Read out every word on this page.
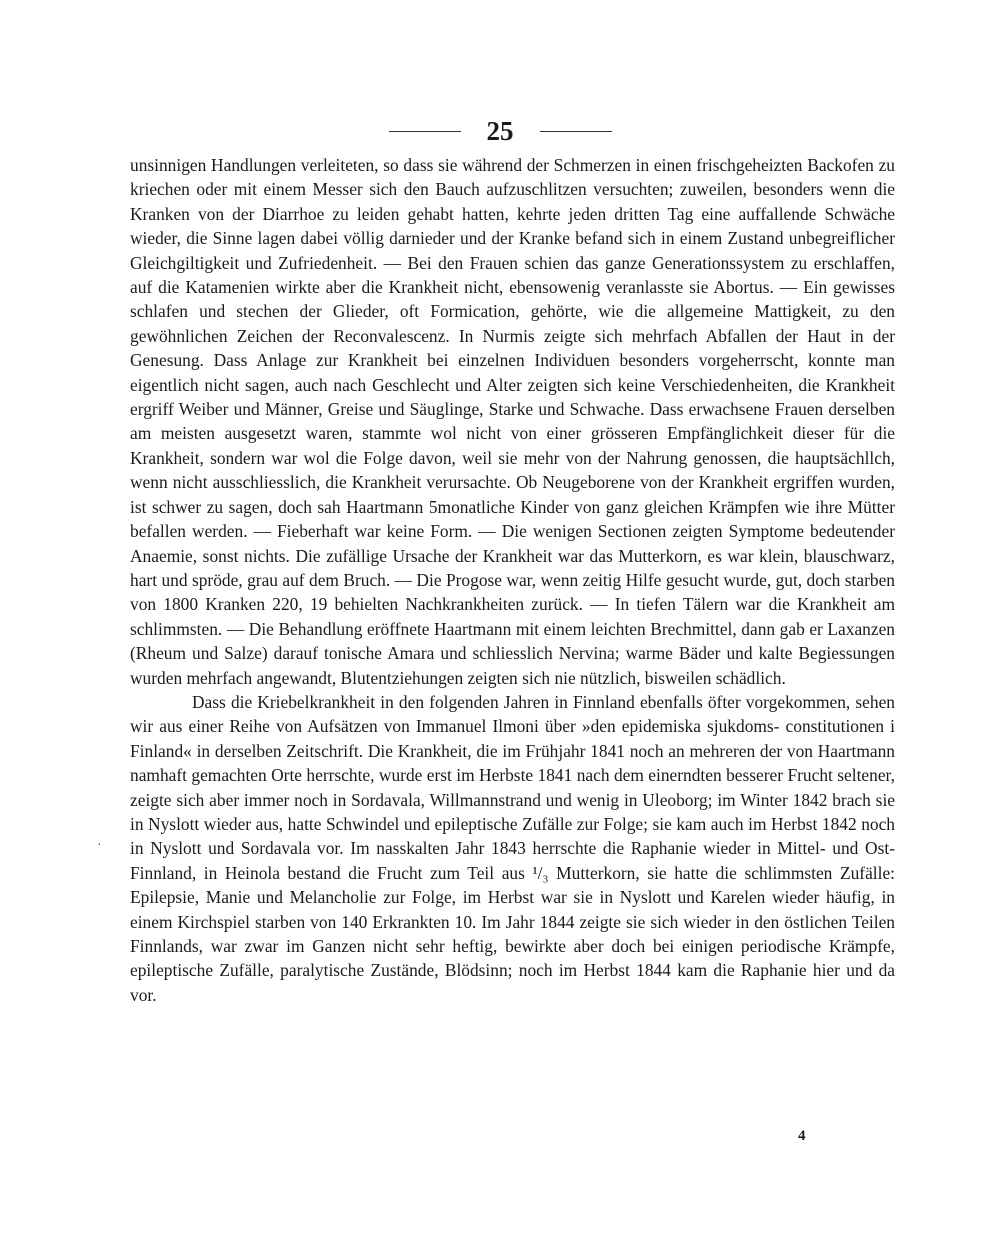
25
·

unsinnigen Handlungen verleiteten, so dass sie während der Schmerzen in einen frischgeheizten Backofen zu kriechen oder mit einem Messer sich den Bauch aufzuschlitzen versuchten; zuweilen, besonders wenn die Kranken von der Diarrhoe zu leiden gehabt hatten, kehrte jeden dritten Tag eine auffallende Schwäche wieder, die Sinne lagen dabei völlig darnieder und der Kranke befand sich in einem Zustand unbegreiflicher Gleichgiltigkeit und Zufriedenheit. — Bei den Frauen schien das ganze Generationssystem zu erschlaffen, auf die Katamenien wirkte aber die Krankheit nicht, ebensowenig veranlasste sie Abortus. — Ein gewisses schlafen und stechen der Glieder, oft Formication, gehörte, wie die allgemeine Mattigkeit, zu den gewöhnlichen Zeichen der Reconvalescenz. In Nurmis zeigte sich mehrfach Abfallen der Haut in der Genesung. Dass Anlage zur Krankheit bei einzelnen Individuen besonders vorgeherrscht, konnte man eigentlich nicht sagen, auch nach Geschlecht und Alter zeigten sich keine Verschiedenheiten, die Krankheit ergriff Weiber und Männer, Greise und Säuglinge, Starke und Schwache. Dass erwachsene Frauen derselben am meisten ausgesetzt waren, stammte wol nicht von einer grösseren Empfänglichkeit dieser für die Krankheit, sondern war wol die Folge davon, weil sie mehr von der Nahrung genossen, die hauptsächllch, wenn nicht ausschliesslich, die Krankheit verursachte. Ob Neugeborene von der Krankheit ergriffen wurden, ist schwer zu sagen, doch sah Haartmann 5monatliche Kinder von ganz gleichen Krämpfen wie ihre Mütter befallen werden. — Fieberhaft war keine Form. — Die wenigen Sectionen zeigten Symptome bedeutender Anaemie, sonst nichts. Die zufällige Ursache der Krankheit war das Mutterkorn, es war klein, blauschwarz, hart und spröde, grau auf dem Bruch. — Die Progose war, wenn zeitig Hilfe gesucht wurde, gut, doch starben von 1800 Kranken 220, 19 behielten Nachkrankheiten zurück. — In tiefen Tälern war die Krankheit am schlimmsten. — Die Behandlung eröffnete Haartmann mit einem leichten Brechmittel, dann gab er Laxanzen (Rheum und Salze) darauf tonische Amara und schliesslich Nervina; warme Bäder und kalte Begiessungen wurden mehrfach angewandt, Blutentziehungen zeigten sich nie nützlich, bisweilen schädlich.

Dass die Kriebelkrankheit in den folgenden Jahren in Finnland ebenfalls öfter vorgekommen, sehen wir aus einer Reihe von Aufsätzen von Immanuel Ilmoni über »den epidemiska sjukdoms- constitutionen i Finland« in derselben Zeitschrift. Die Krankheit, die im Frühjahr 1841 noch an mehreren der von Haartmann namhaft gemachten Orte herrschte, wurde erst im Herbste 1841 nach dem einerndten besserer Frucht seltener, zeigte sich aber immer noch in Sordavala, Willmannstrand und wenig in Uleoborg; im Winter 1842 brach sie in Nyslott wieder aus, hatte Schwindel und epileptische Zufälle zur Folge; sie kam auch im Herbst 1842 noch in Nyslott und Sordavala vor. Im nasskalten Jahr 1843 herrschte die Raphanie wieder in Mittel- und Ost-Finnland, in Heinola bestand die Frucht zum Teil aus ¹/₃ Mutterkorn, sie hatte die schlimmsten Zufälle: Epilepsie, Manie und Melancholie zur Folge, im Herbst war sie in Nyslott und Karelen wieder häufig, in einem Kirchspiel starben von 140 Erkrankten 10. Im Jahr 1844 zeigte sie sich wieder in den östlichen Teilen Finnlands, war zwar im Ganzen nicht sehr heftig, bewirkte aber doch bei einigen periodische Krämpfe, epileptische Zufälle, paralytische Zustände, Blödsinn; noch im Herbst 1844 kam die Raphanie hier und da vor.

4
